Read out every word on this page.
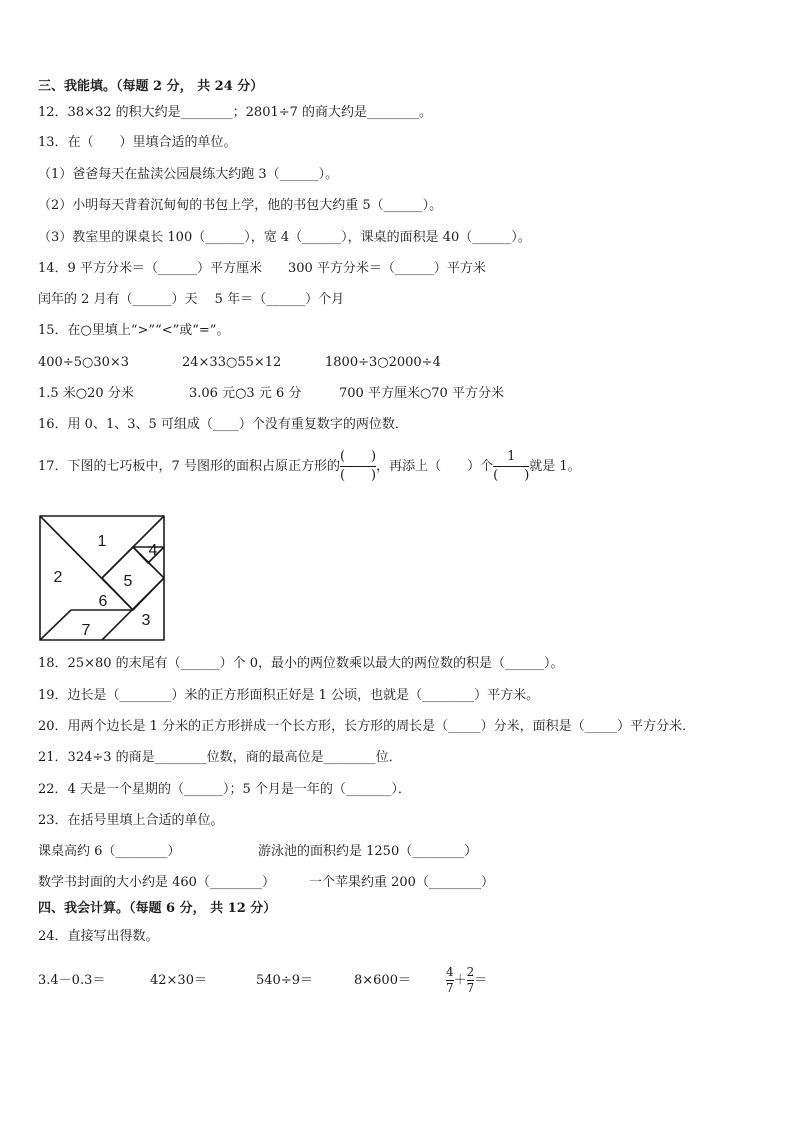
三、我能填。（每题 2 分， 共 24 分）
12．38×32 的积大约是________；2801÷7 的商大约是________。
13．在（　　）里填合适的单位。
（1）爸爸每天在盐渎公园晨练大约跑 3（______）。
（2）小明每天背着沉甸甸的书包上学，他的书包大约重 5（______）。
（3）教室里的课桌长 100（______），宽 4（______），课桌的面积是 40（______）。
14．9 平方分米＝（______）平方厘米　　300 平方分米＝（______）平方米
闰年的 2 月有（______）天　 5 年＝（______）个月
15．在○里填上“>”“<”或“=”。
400÷5○30×3	24×33○55×12	1800÷3○2000÷4
1.5 米○20 分米	3.06 元○3 元 6 分	700 平方厘米○70 平方分米
16．用 0、1、3、5 可组成（____）个没有重复数字的两位数．
17．下图的七巧板中，7 号图形的面积占原正方形的 $\frac{( )}{( )}$ ，再添上（　　）个 $\frac{1}{( )}$ 就是 1。
1
2
4
5
6
7
3
18．25×80 的末尾有（______）个 0，最小的两位数乘以最大的两位数的积是（______）。
19．边长是（________）米的正方形面积正好是 1 公顷，也就是（________）平方米。
20．用两个边长是 1 分米的正方形拼成一个长方形，长方形的周长是（_____）分米，面积是（_____）平方分米．
21．324÷3 的商是________位数，商的最高位是________位．
22．4 天是一个星期的（______）；5 个月是一年的（_______）．
23．在括号里填上合适的单位。
课桌高约 6（________）	游泳池的面积约是 1250（________）
数学书封面的大小约是 460（________）	一个苹果约重 200（________）
四、我会计算。（每题 6 分， 共 12 分）
24．直接写出得数。
3.4－0.3＝	42×30＝	540÷9＝	8×600＝	$\frac{4}{7} + \frac{2}{7}$ ＝
